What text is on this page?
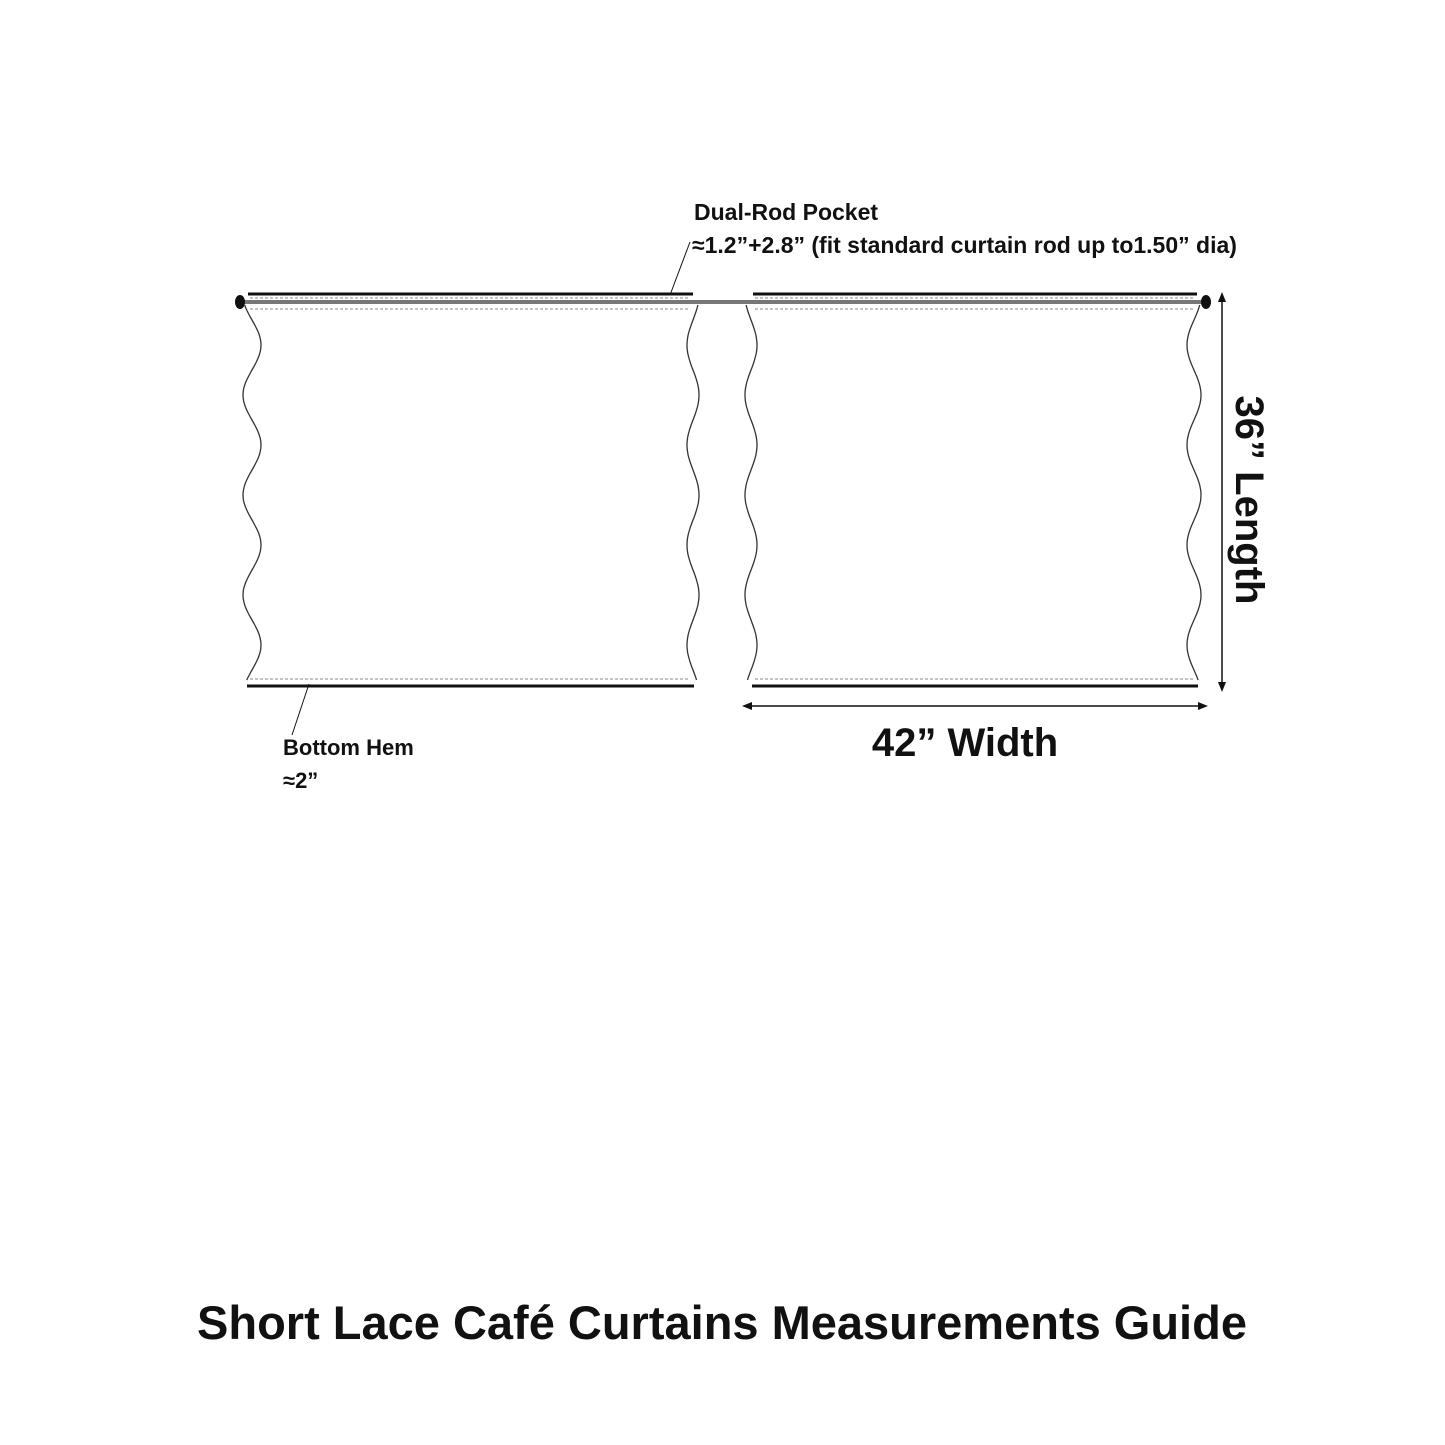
Dual-Rod Pocket
≈1.2”+2.8” (fit standard curtain rod up to1.50” dia)
Bottom Hem
≈2”
42” Width
36” Length
Short Lace Café Curtains Measurements Guide
